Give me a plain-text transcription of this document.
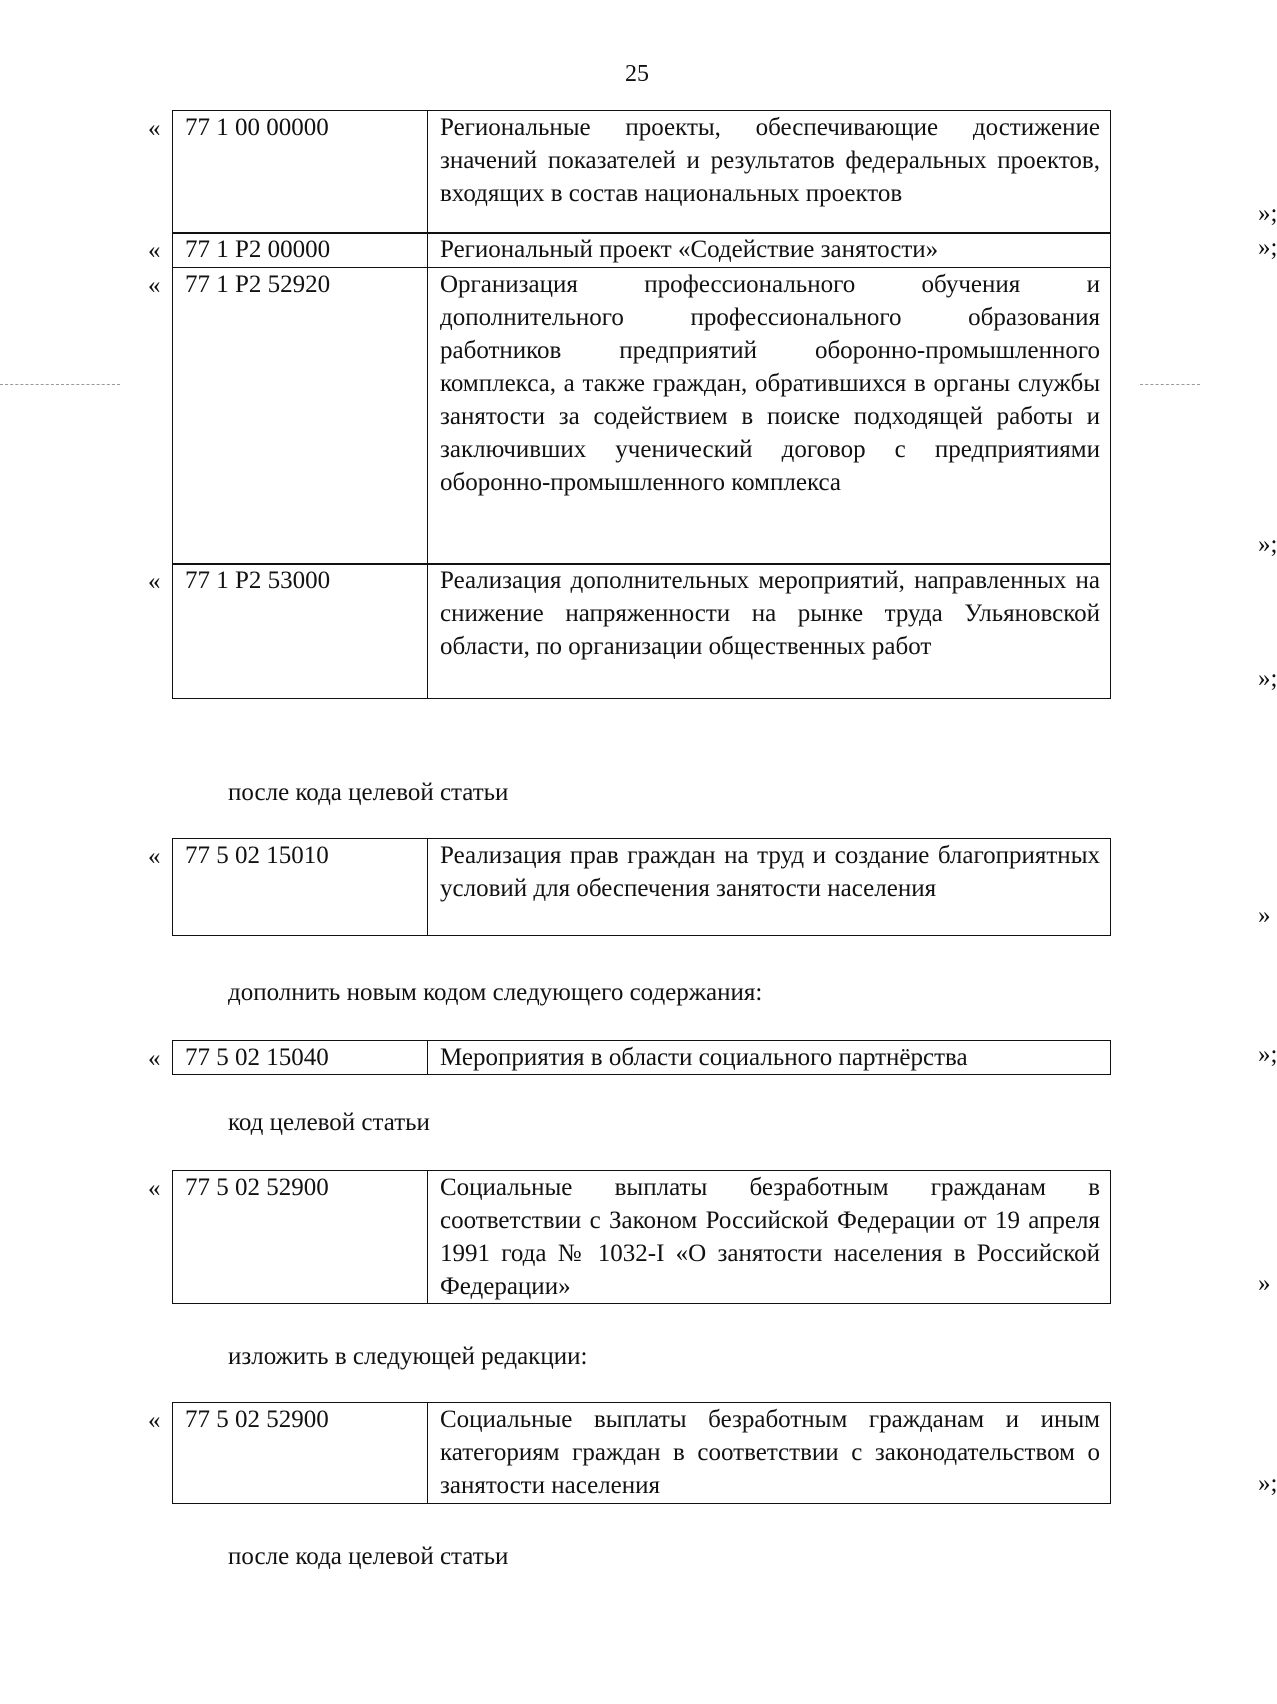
25
« 77 1 00 00000	Региональные проекты, обеспечивающие достижение значений показателей и результатов федеральных проектов, входящих в состав национальных проектов
»;
« 77 1 Р2 00000	Региональный проект «Содействие занятости»	»;
« 77 1 Р2 52920	Организация профессионального обучения и дополнительного профессионального образования работников предприятий оборонно-промышленного комплекса, а также граждан, обратившихся в органы службы занятости за содействием в поиске подходящей работы и заключивших ученический договор с предприятиями оборонно-промышленного комплекса
»;
« 77 1 Р2 53000	Реализация дополнительных мероприятий, направленных на снижение напряженности на рынке труда Ульяновской области, по организации общественных работ
»;
после кода целевой статьи
« 77 5 02 15010	Реализация прав граждан на труд и создание благоприятных условий для обеспечения занятости населения
»
дополнить новым кодом следующего содержания:
« 77 5 02 15040	Мероприятия в области социального партнёрства	»;
код целевой статьи
« 77 5 02 52900	Социальные выплаты безработным гражданам в соответствии с Законом Российской Федерации от 19 апреля 1991 года № 1032-I «О занятости населения в Российской Федерации»	»
изложить в следующей редакции:
« 77 5 02 52900	Социальные выплаты безработным гражданам и иным категориям граждан в соответствии с законодательством о занятости населения	»;
после кода целевой статьи
